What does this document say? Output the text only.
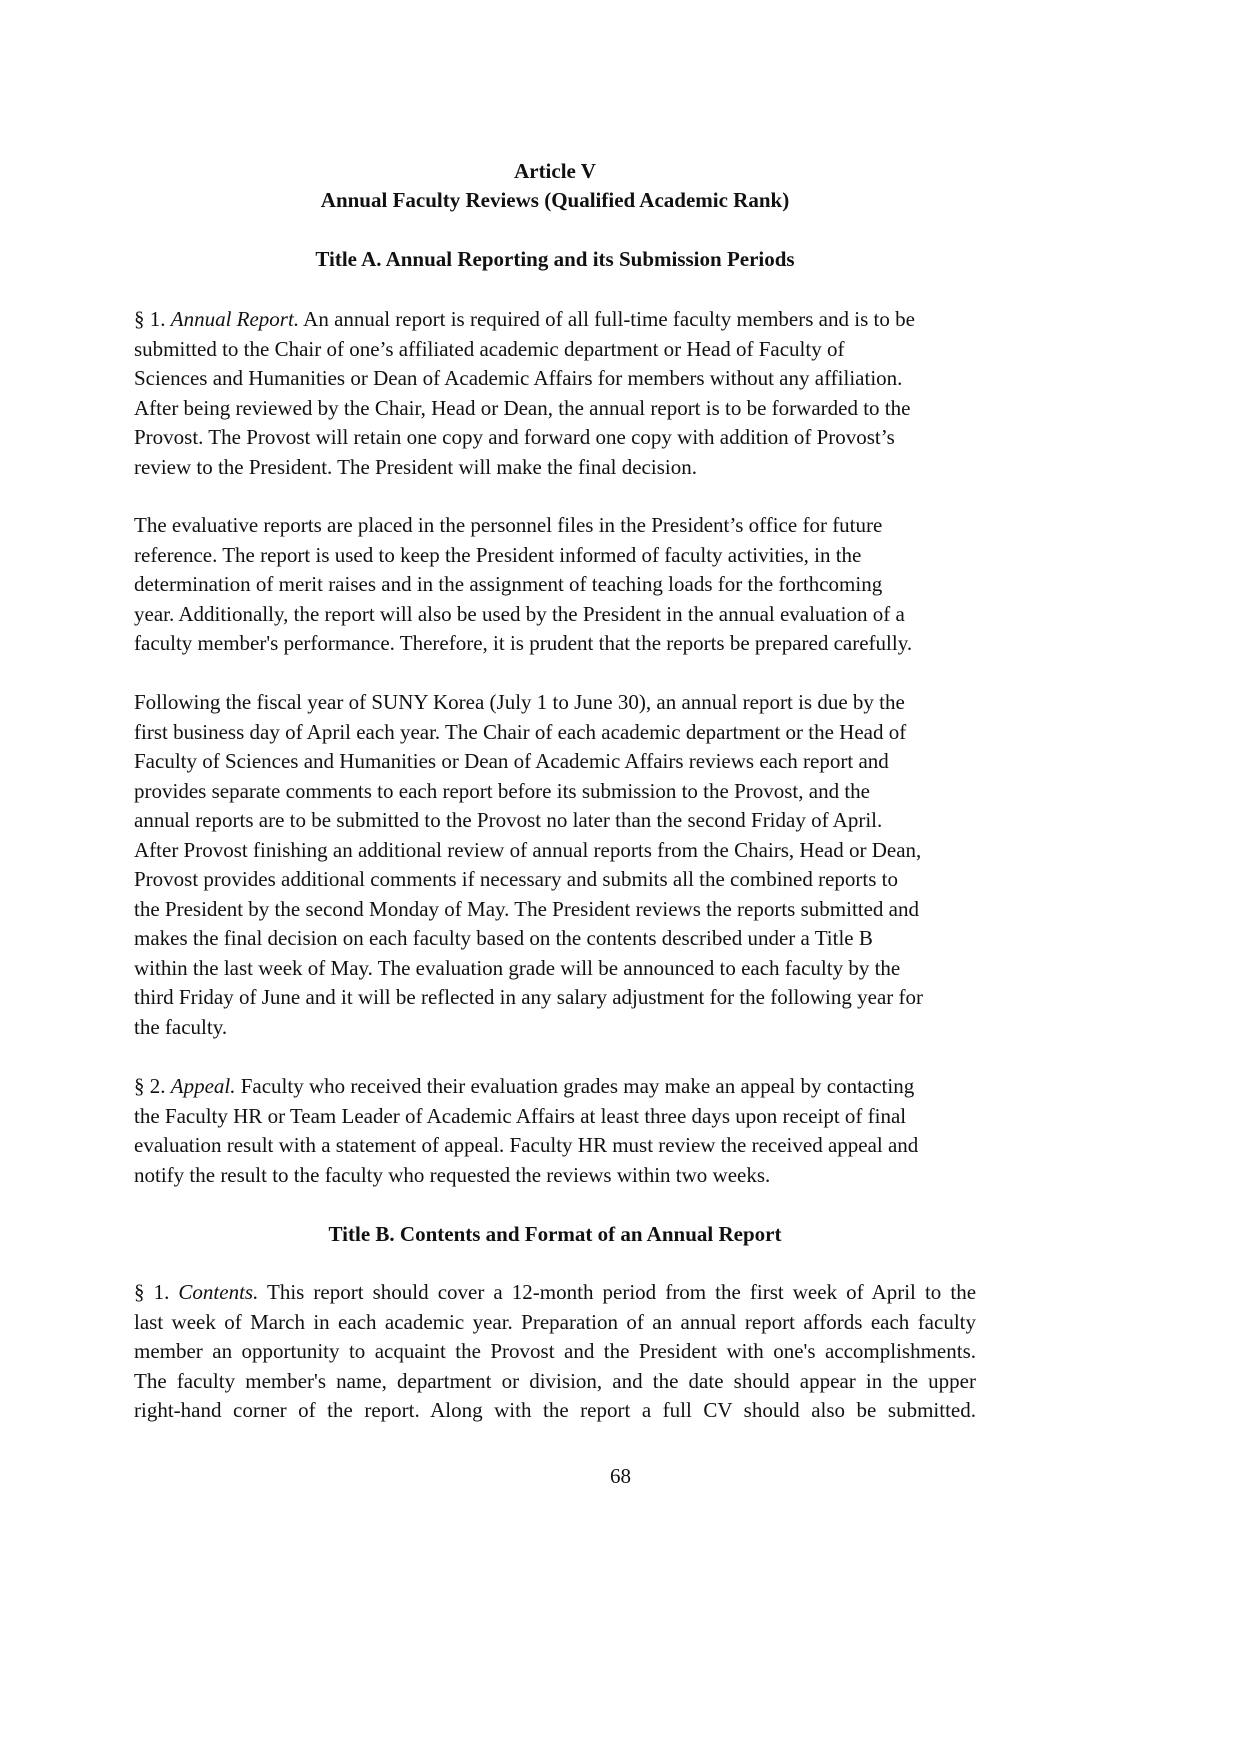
Article V
Annual Faculty Reviews (Qualified Academic Rank)
Title A. Annual Reporting and its Submission Periods

§ 1. Annual Report. An annual report is required of all full-time faculty members and is to be
submitted to the Chair of one’s affiliated academic department or Head of Faculty of
Sciences and Humanities or Dean of Academic Affairs for members without any affiliation.
After being reviewed by the Chair, Head or Dean, the annual report is to be forwarded to the
Provost. The Provost will retain one copy and forward one copy with addition of Provost’s
review to the President. The President will make the final decision.

The evaluative reports are placed in the personnel files in the President’s office for future
reference. The report is used to keep the President informed of faculty activities, in the
determination of merit raises and in the assignment of teaching loads for the forthcoming
year. Additionally, the report will also be used by the President in the annual evaluation of a
faculty member's performance. Therefore, it is prudent that the reports be prepared carefully.

Following the fiscal year of SUNY Korea (July 1 to June 30), an annual report is due by the
first business day of April each year. The Chair of each academic department or the Head of
Faculty of Sciences and Humanities or Dean of Academic Affairs reviews each report and
provides separate comments to each report before its submission to the Provost, and the
annual reports are to be submitted to the Provost no later than the second Friday of April.
After Provost finishing an additional review of annual reports from the Chairs, Head or Dean,
Provost provides additional comments if necessary and submits all the combined reports to
the President by the second Monday of May. The President reviews the reports submitted and
makes the final decision on each faculty based on the contents described under a Title B
within the last week of May. The evaluation grade will be announced to each faculty by the
third Friday of June and it will be reflected in any salary adjustment for the following year for
the faculty.

§ 2. Appeal. Faculty who received their evaluation grades may make an appeal by contacting
the Faculty HR or Team Leader of Academic Affairs at least three days upon receipt of final
evaluation result with a statement of appeal. Faculty HR must review the received appeal and
notify the result to the faculty who requested the reviews within two weeks.

Title B. Contents and Format of an Annual Report

§ 1. Contents. This report should cover a 12-month period from the first week of April to the
last week of March in each academic year. Preparation of an annual report affords each faculty
member an opportunity to acquaint the Provost and the President with one's accomplishments.
The faculty member's name, department or division, and the date should appear in the upper
right-hand corner of the report. Along with the report a full CV should also be submitted.

68
